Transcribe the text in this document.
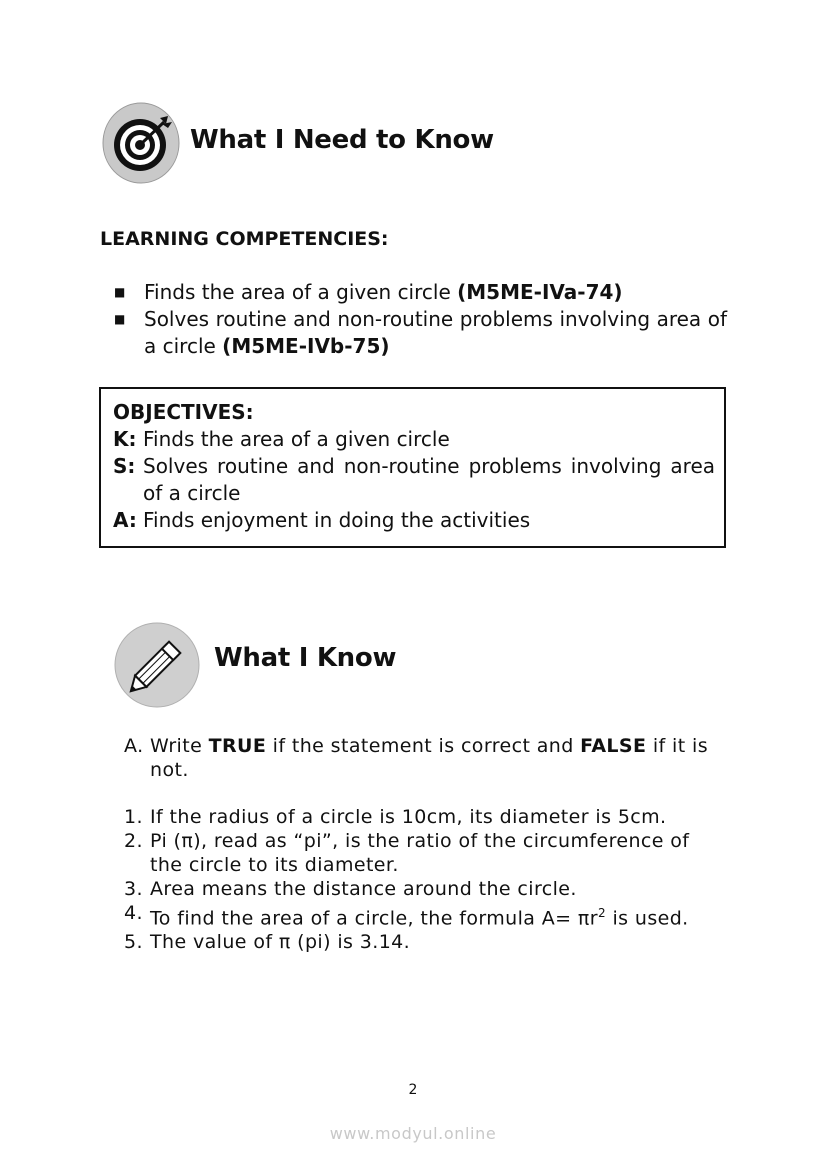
What I Need to Know
LEARNING COMPETENCIES:
■ Finds the area of a given circle (M5ME-IVa-74)
■ Solves routine and non-routine problems involving area of a circle (M5ME-IVb-75)
OBJECTIVES:
K: Finds the area of a given circle
S: Solves routine and non-routine problems involving area of a circle
A: Finds enjoyment in doing the activities
What I Know
A. Write TRUE if the statement is correct and FALSE if it is not.
1. If the radius of a circle is 10cm, its diameter is 5cm.
2. Pi (π), read as “pi”, is the ratio of the circumference of the circle to its diameter.
3. Area means the distance around the circle.
4. To find the area of a circle, the formula $A= \pi r^2$ is used.
5. The value of π (pi) is 3.14.
2
www.modyul.online
